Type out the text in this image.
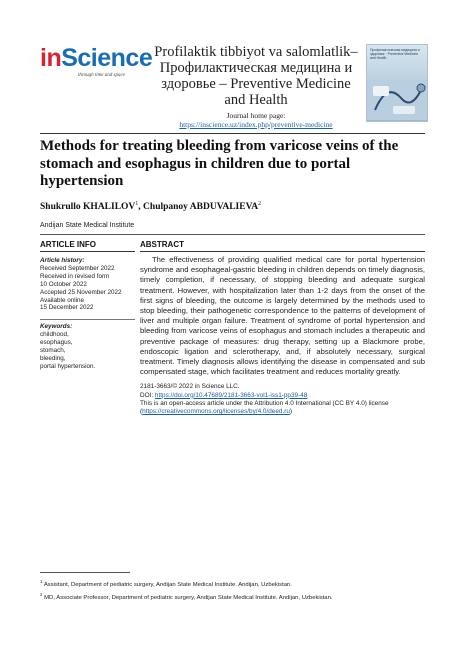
inScience
through time and space
Profilaktik tibbiyot va salomlatlik–
Профилактическая медицина и
здоровье – Preventive Medicine
and Health
Journal home page:
https://inscience.uz/index.php/preventive-medicine
Профилактическая медицина и здоровье · Preventive Medicine and Health
Methods for treating bleeding from varicose veins of the stomach and esophagus in children due to portal hypertension
Shukrullo KHALILOV$^1$, Chulpanoy ABDUVALIEVA$^2$
Andijan State Medical Institute
ARTICLE INFO
Article history:
Received September 2022
Received in revised form
10 October 2022
Accepted 25 November 2022
Available online
15 December 2022
Keywords:
childhood,
esophagus,
stomach,
bleeding,
portal hypertension.
ABSTRACT
The effectiveness of providing qualified medical care for portal hypertension syndrome and esophageal-gastric bleeding in children depends on timely diagnosis, timely completion, if necessary, of stopping bleeding and adequate surgical treatment. However, with hospitalization later than 1-2 days from the onset of the first signs of bleeding, the outcome is largely determined by the methods used to stop bleeding, their pathogenetic correspondence to the patterns of development of liver and multiple organ failure. Treatment of syndrome of portal hypertension and bleeding from varicose veins of esophagus and stomach includes a therapeutic and preventive package of measures: drug therapy, setting up a Blackmore probe, endoscopic ligation and sclerotherapy, and, if absolutely necessary, surgical treatment. Timely diagnosis allows identifying the disease in compensated and sub compensated stage, which facilitates treatment and reduces mortality greatly.
2181-3663/© 2022 in Science LLC.
DOI: https://doi.org/10.47689/2181-3663-vol1-iss1-pp39-48
This is an open-access article under the Attribution 4.0 International (CC BY 4.0) license (https://creativecommons.org/licenses/by/4.0/deed.ru)
$^1$ Assistant, Department of pediatric surgery, Andijan State Medical Institute. Andijan, Uzbekistan.
$^2$ MD, Associate Professor, Department of pediatric surgery, Andijan State Medical Institute. Andijan, Uzbekistan.
